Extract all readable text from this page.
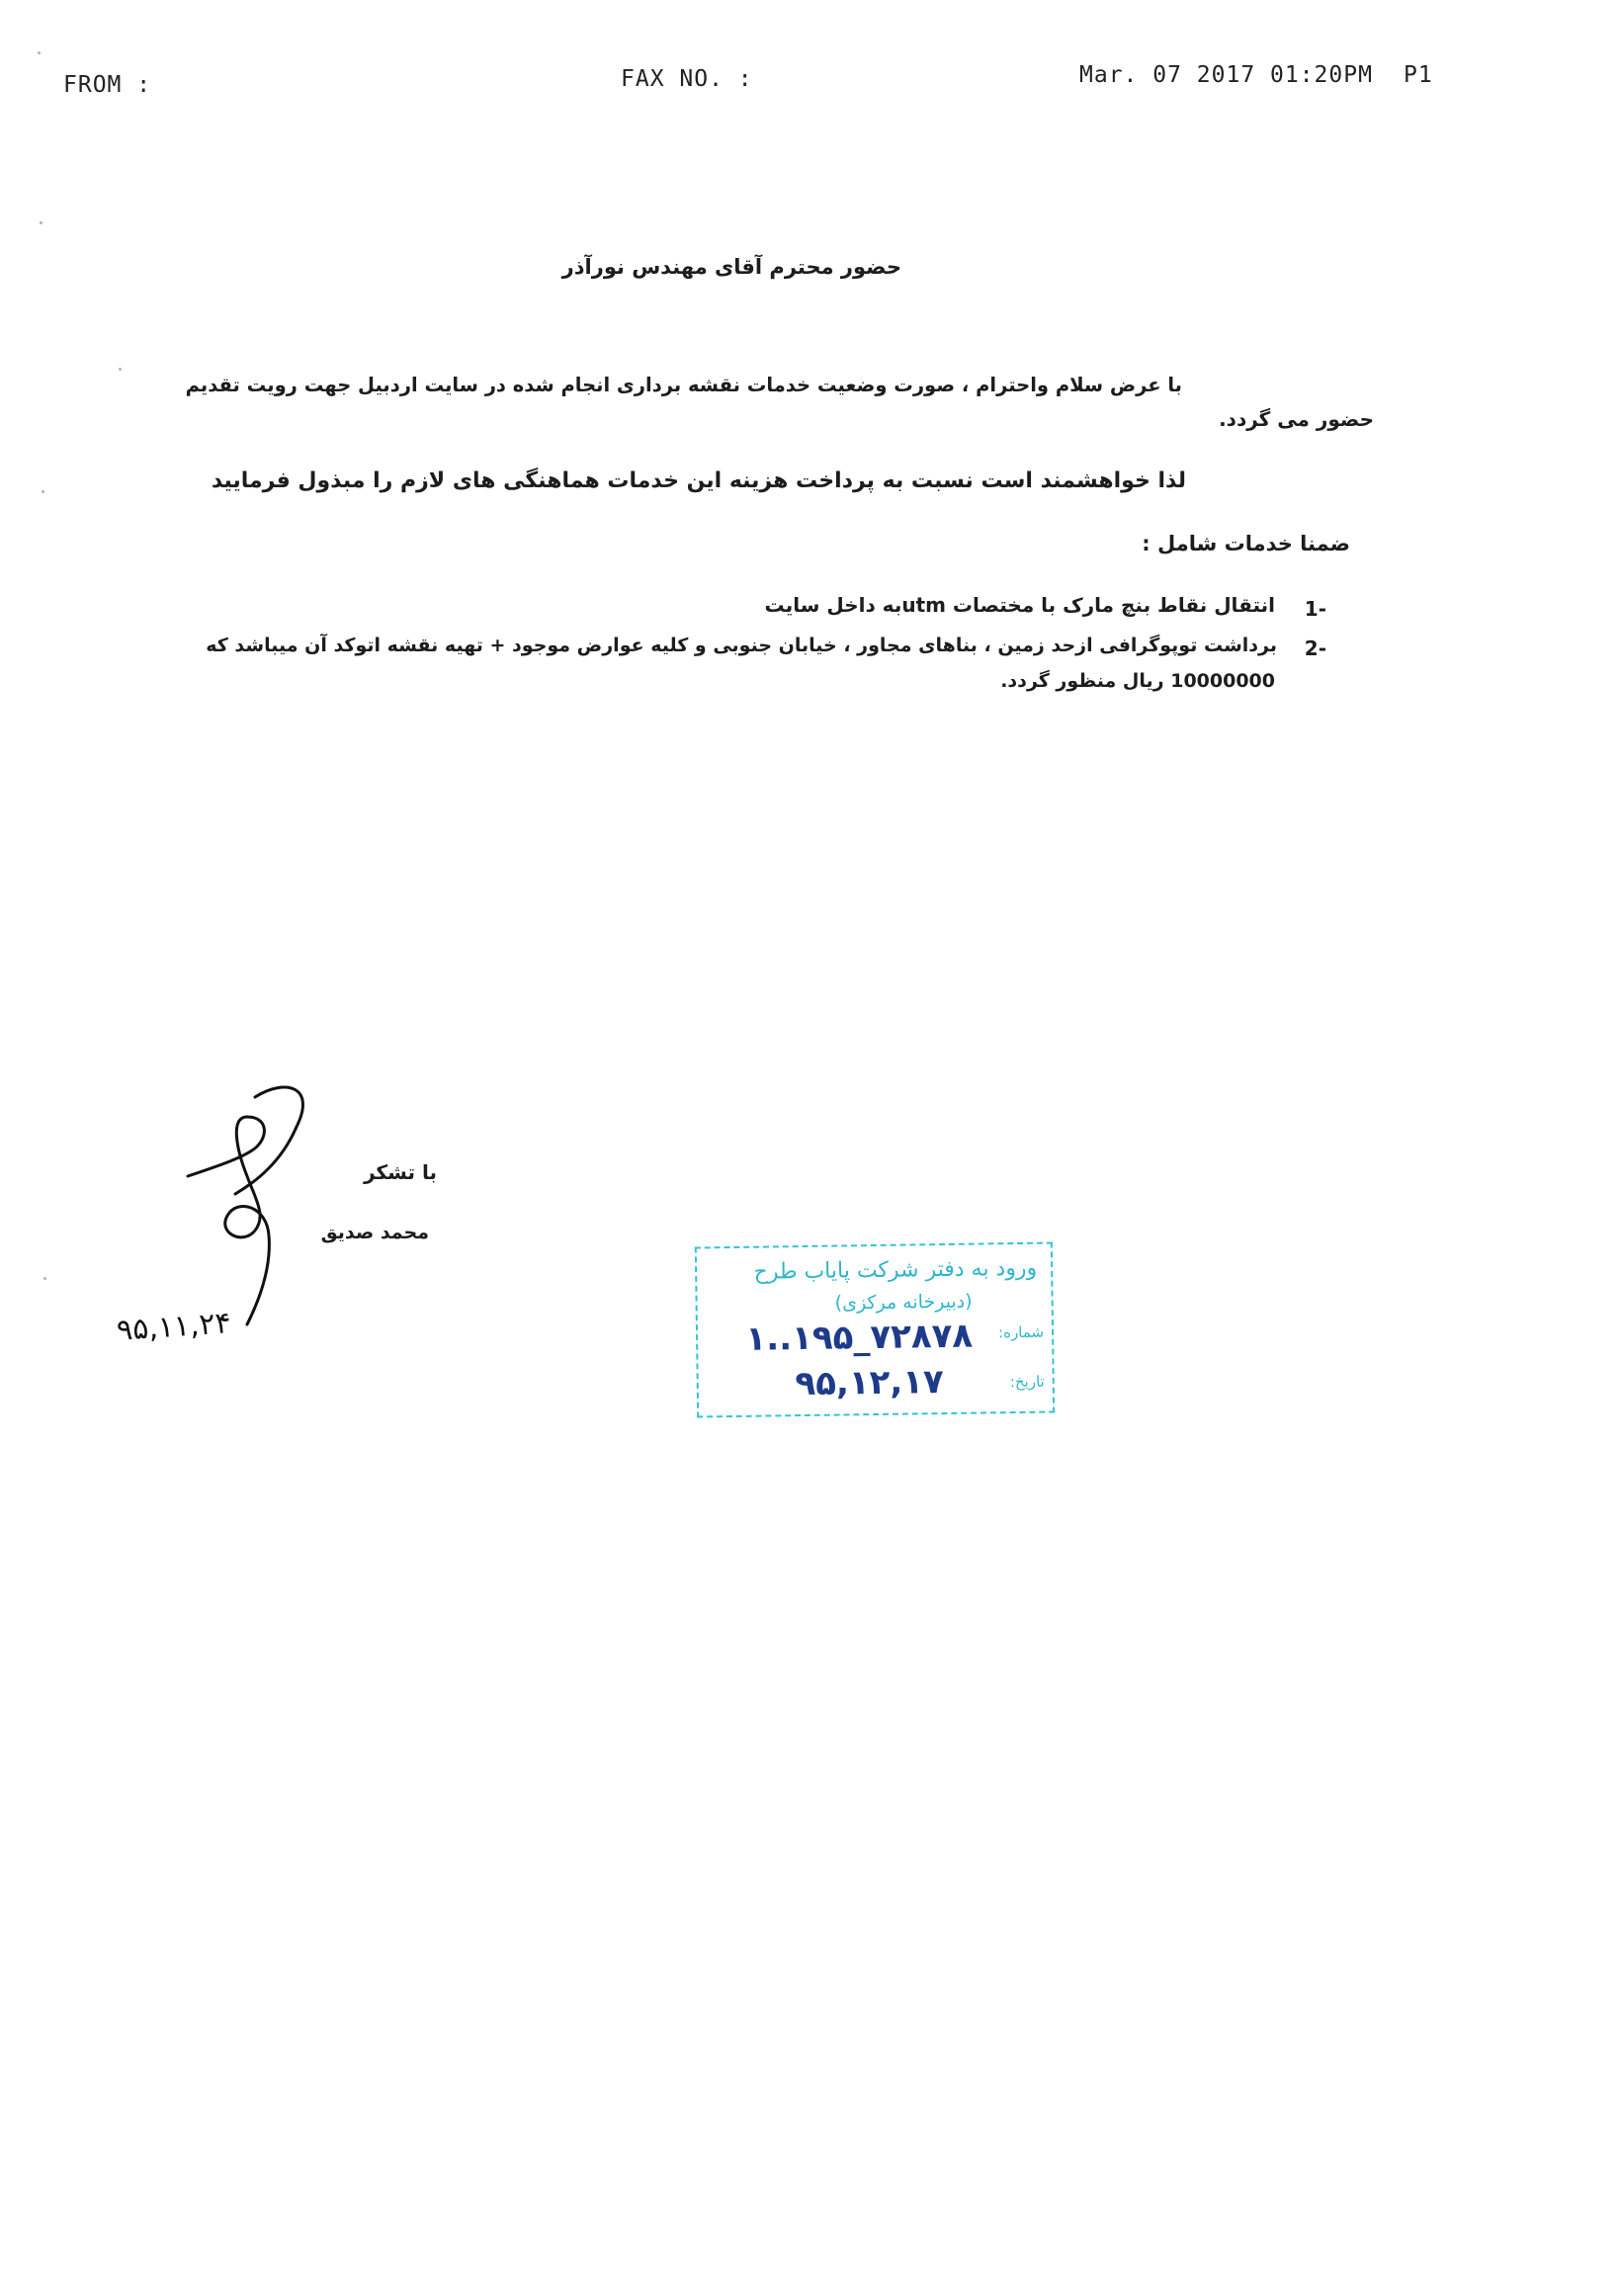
FROM :	FAX NO. :	Mar. 07 2017 01:20PM P1
حضور محترم آقای مهندس نورآذر
با عرض سلام واحترام ، صورت وضعیت خدمات نقشه برداری انجام شده در سایت اردبیل جهت رویت تقدیم
حضور می گردد.
لذا خواهشمند است نسبت به پرداخت هزینه این خدمات هماهنگی های لازم را مبذول فرمایید
ضمنا خدمات شامل :
1-
انتقال نقاط بنچ مارک با مختصات utmبه داخل سایت
2-
برداشت توپوگرافی ازحد زمین ، بناهای مجاور ، خیابان جنوبی و کلیه عوارض موجود + تهیه نقشه اتوکد آن میباشد که
10000000 ریال منظور گردد.
با تشکر
محمد صدیق
۹۵,۱۱,۲۴
ورود به دفتر شرکت پایاب طرح
(دبیرخانه مرکزی)
شماره:
۱..۱۹۵_۷۲۸۷۸
تاریخ:
۹۵,۱۲,۱۷
